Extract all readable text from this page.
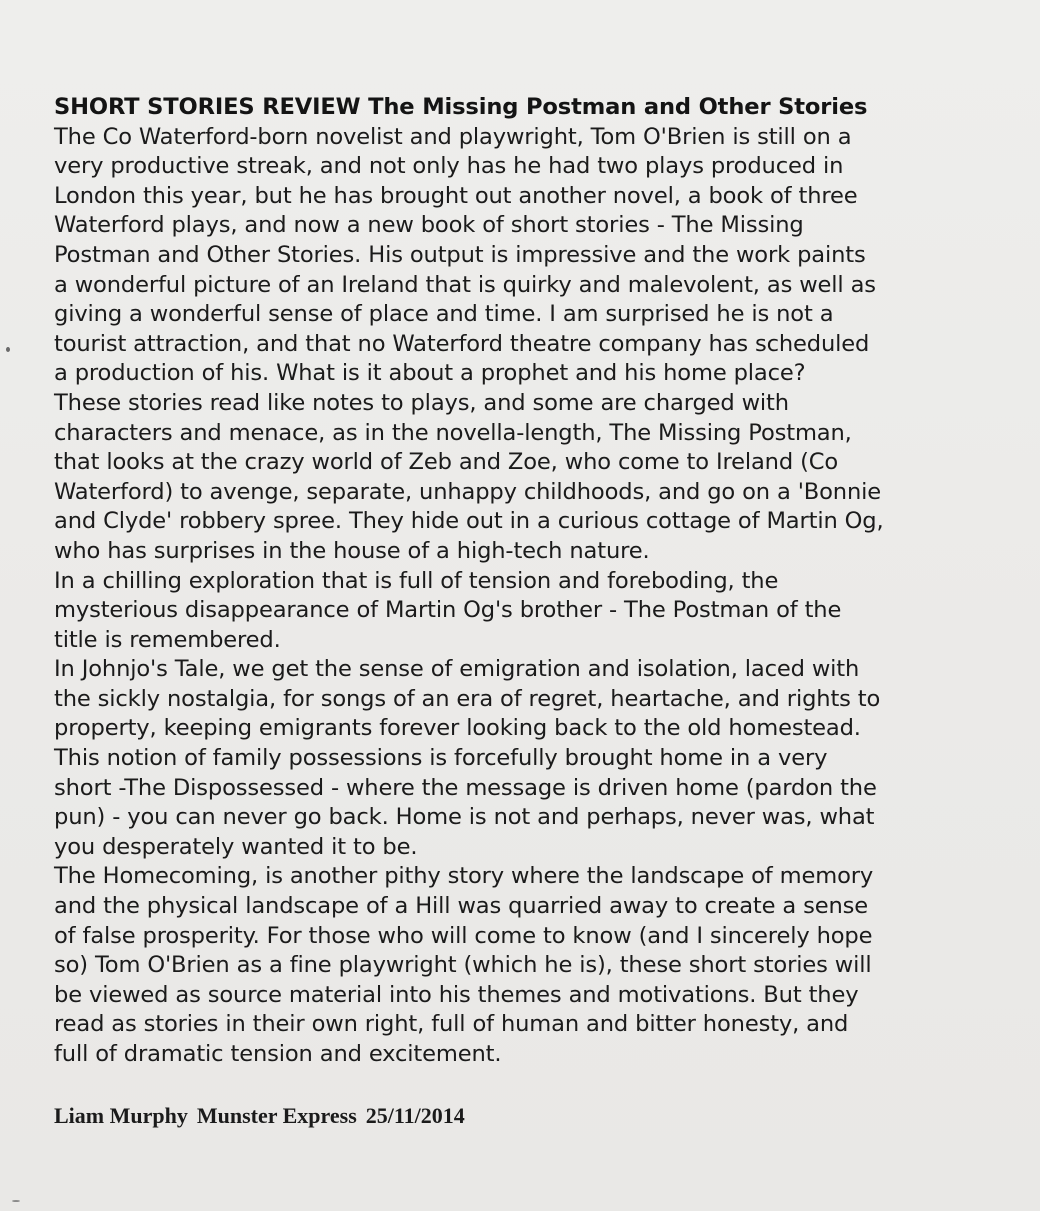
SHORT STORIES REVIEW The Missing Postman and Other Stories
The Co Waterford-born novelist and playwright, Tom O'Brien is still on a
very productive streak, and not only has he had two plays produced in
London this year, but he has brought out another novel, a book of three
Waterford plays, and now a new book of short stories - The Missing
Postman and Other Stories. His output is impressive and the work paints
a wonderful picture of an Ireland that is quirky and malevolent, as well as
giving a wonderful sense of place and time. I am surprised he is not a
tourist attraction, and that no Waterford theatre company has scheduled
a production of his. What is it about a prophet and his home place?
These stories read like notes to plays, and some are charged with
characters and menace, as in the novella-length, The Missing Postman,
that looks at the crazy world of Zeb and Zoe, who come to Ireland (Co
Waterford) to avenge, separate, unhappy childhoods, and go on a 'Bonnie
and Clyde' robbery spree. They hide out in a curious cottage of Martin Og,
who has surprises in the house of a high-tech nature.
In a chilling exploration that is full of tension and foreboding, the
mysterious disappearance of Martin Og's brother - The Postman of the
title is remembered.
In Johnjo's Tale, we get the sense of emigration and isolation, laced with
the sickly nostalgia, for songs of an era of regret, heartache, and rights to
property, keeping emigrants forever looking back to the old homestead.
This notion of family possessions is forcefully brought home in a very
short -The Dispossessed - where the message is driven home (pardon the
pun) - you can never go back. Home is not and perhaps, never was, what
you desperately wanted it to be.
The Homecoming, is another pithy story where the landscape of memory
and the physical landscape of a Hill was quarried away to create a sense
of false prosperity. For those who will come to know (and I sincerely hope
so) Tom O'Brien as a fine playwright (which he is), these short stories will
be viewed as source material into his themes and motivations. But they
read as stories in their own right, full of human and bitter honesty, and
full of dramatic tension and excitement.
Liam Murphy Munster Express 25/11/2014
